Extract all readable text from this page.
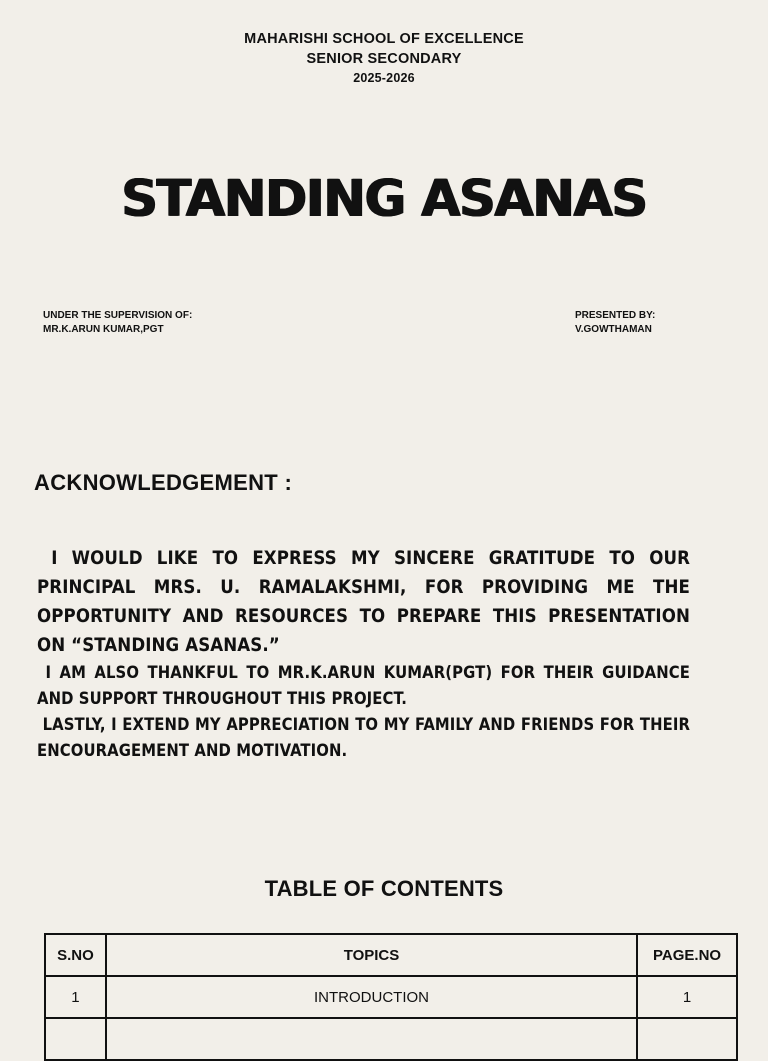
MAHARISHI SCHOOL OF EXCELLENCE
SENIOR SECONDARY
2025-2026
STANDING ASANAS
UNDER THE SUPERVISION OF:
MR.K.ARUN KUMAR,PGT
PRESENTED BY:
V.GOWTHAMAN
ACKNOWLEDGEMENT :

I WOULD LIKE TO EXPRESS MY SINCERE GRATITUDE TO OUR PRINCIPAL MRS. U. RAMALAKSHMI, FOR PROVIDING ME THE OPPORTUNITY AND RESOURCES TO PREPARE THIS PRESENTATION ON “STANDING ASANAS.”

I AM ALSO THANKFUL TO MR.K.ARUN KUMAR(PGT) FOR THEIR GUIDANCE AND SUPPORT THROUGHOUT THIS PROJECT.

LASTLY, I EXTEND MY APPRECIATION TO MY FAMILY AND FRIENDS FOR THEIR ENCOURAGEMENT AND MOTIVATION.

TABLE OF CONTENTS
S.NO	TOPICS	PAGE.NO
1	INTRODUCTION	1
